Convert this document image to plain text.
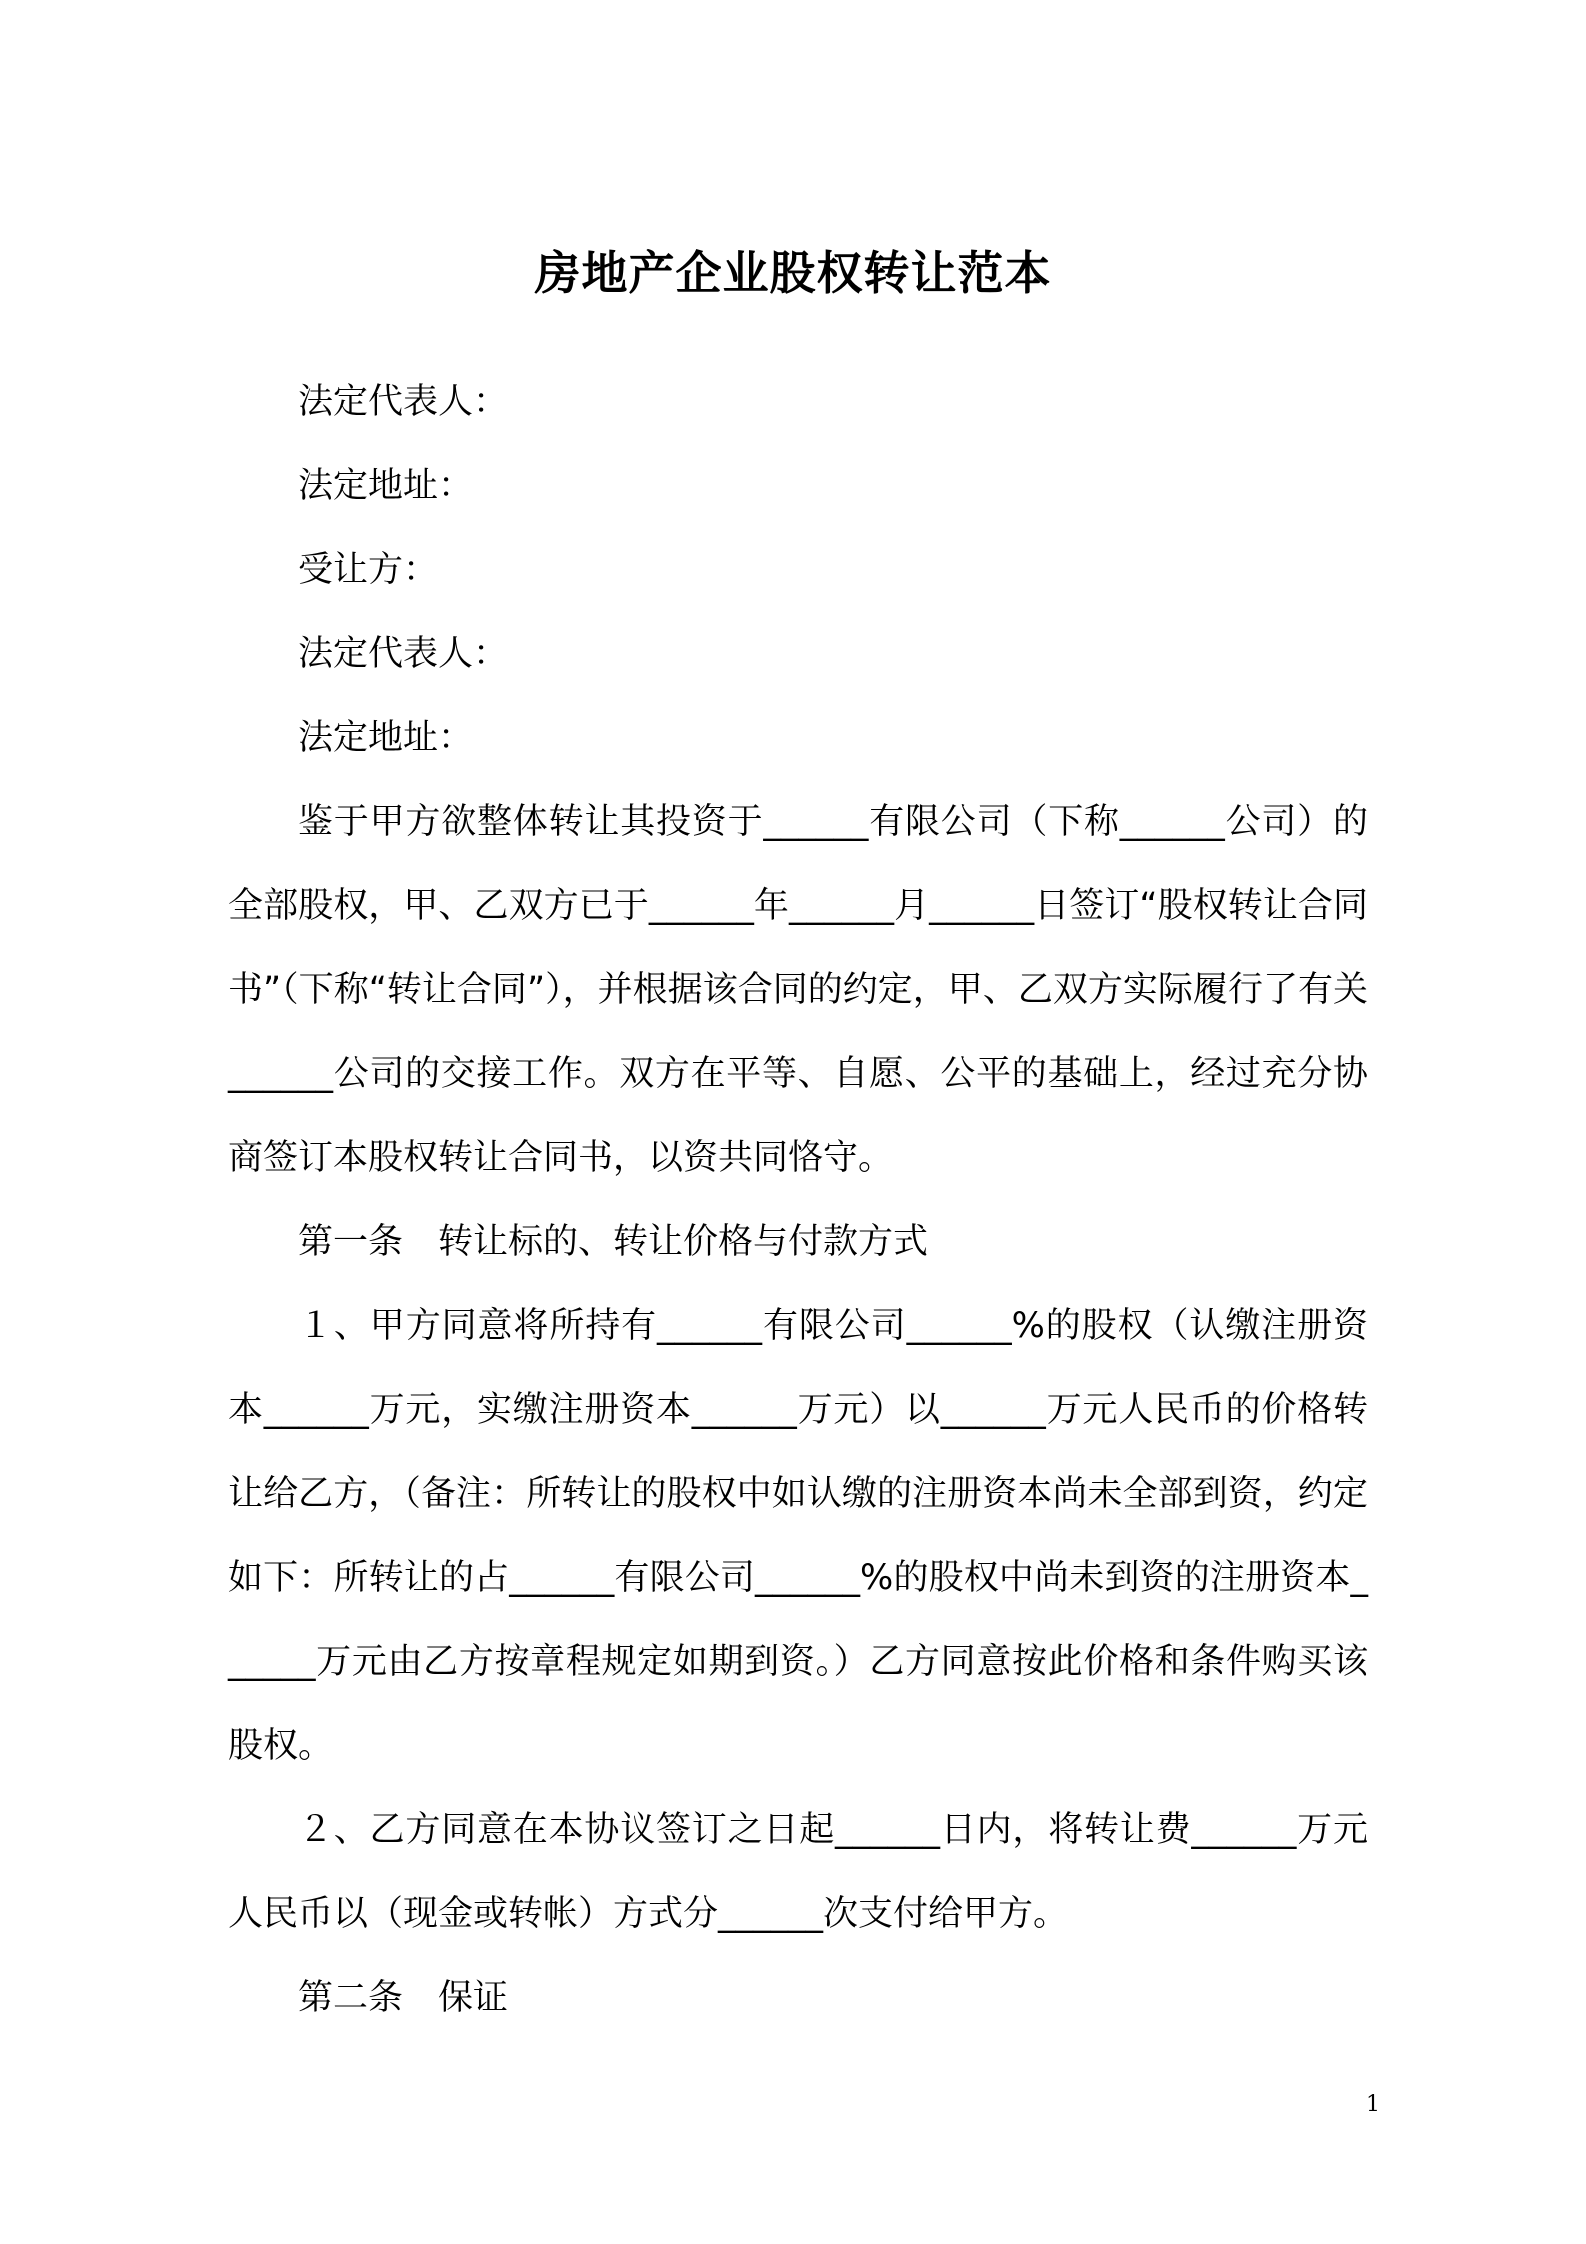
房地产企业股权转让范本

法定代表人：

法定地址：

受让方：

法定代表人：

法定地址：

鉴于甲方欲整体转让其投资于______有限公司（下称______公司）的全部股权，甲、乙双方已于______年______月______日签订“股权转让合同书”（下称“转让合同”），并根据该合同的约定，甲、乙双方实际履行了有关______公司的交接工作。双方在平等、自愿、公平的基础上，经过充分协商签订本股权转让合同书，以资共同恪守。

第一条　转让标的、转让价格与付款方式

１、甲方同意将所持有______有限公司______%的股权（认缴注册资本______万元，实缴注册资本______万元）以______万元人民币的价格转让给乙方，（备注：所转让的股权中如认缴的注册资本尚未全部到资，约定如下：所转让的占______有限公司______%的股权中尚未到资的注册资本______万元由乙方按章程规定如期到资。）乙方同意按此价格和条件购买该股权。

２、乙方同意在本协议签订之日起______日内，将转让费______万元人民币以（现金或转帐）方式分______次支付给甲方。

第二条　保证

1
